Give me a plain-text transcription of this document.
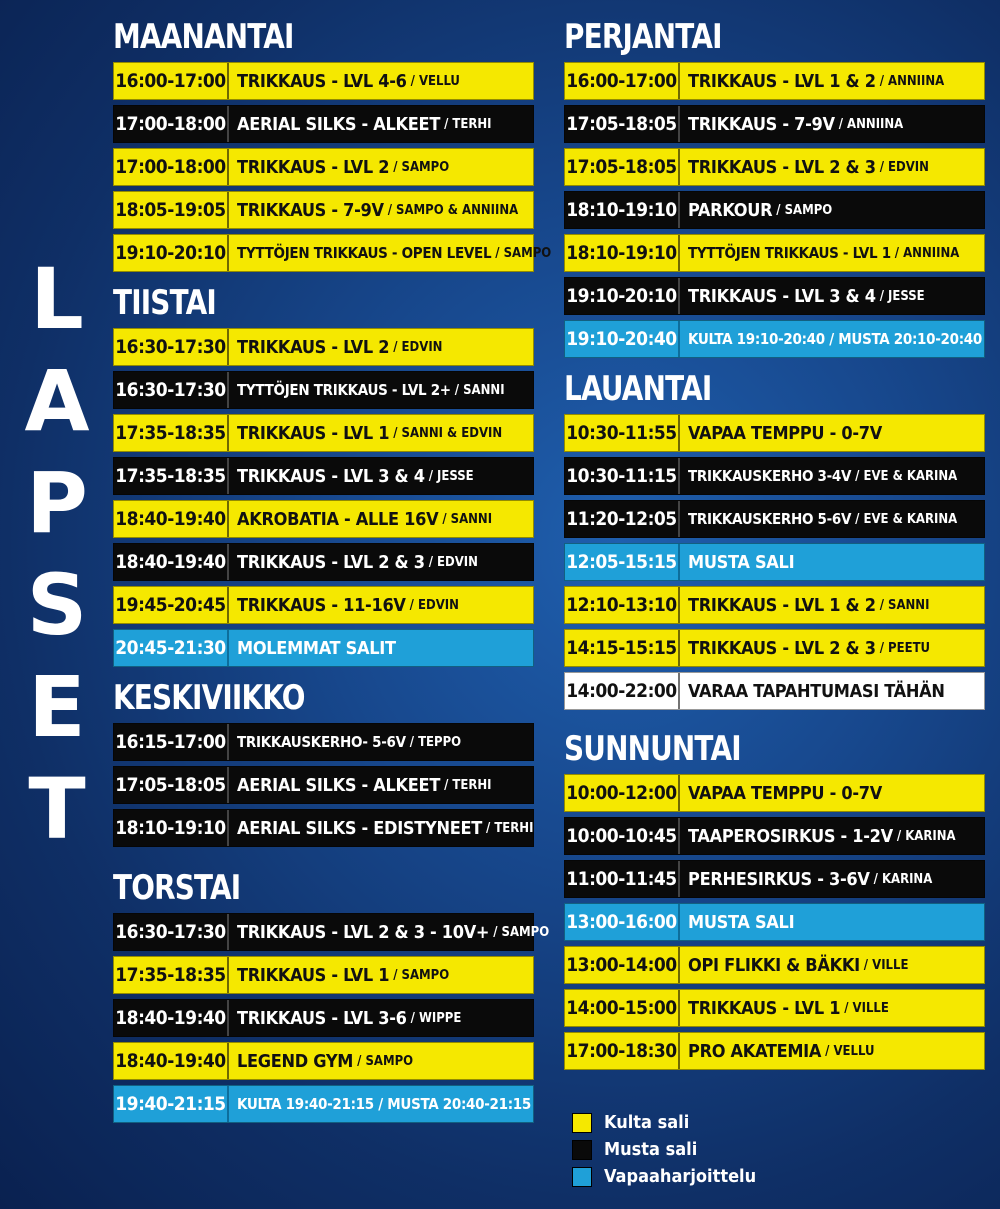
L
A
P
S
E
T
MAANANTAI
16:00-17:00 TRIKKAUS - LVL 4-6 / VELLU
17:00-18:00 AERIAL SILKS - ALKEET / TERHI
17:00-18:00 TRIKKAUS - LVL 2 / SAMPO
18:05-19:05 TRIKKAUS - 7-9V / SAMPO & ANNIINA
19:10-20:10 TYTTÖJEN TRIKKAUS - OPEN LEVEL / SAMPO
TIISTAI
16:30-17:30 TRIKKAUS - LVL 2 / EDVIN
16:30-17:30 TYTTÖJEN TRIKKAUS - LVL 2+ / SANNI
17:35-18:35 TRIKKAUS - LVL 1 / SANNI & EDVIN
17:35-18:35 TRIKKAUS - LVL 3 & 4 / JESSE
18:40-19:40 AKROBATIA - ALLE 16V / SANNI
18:40-19:40 TRIKKAUS - LVL 2 & 3 / EDVIN
19:45-20:45 TRIKKAUS - 11-16V / EDVIN
20:45-21:30 MOLEMMAT SALIT
KESKIVIIKKO
16:15-17:00 TRIKKAUSKERHO- 5-6V / TEPPO
17:05-18:05 AERIAL SILKS - ALKEET / TERHI
18:10-19:10 AERIAL SILKS - EDISTYNEET / TERHI
TORSTAI
16:30-17:30 TRIKKAUS - LVL 2 & 3 - 10V+ / SAMPO
17:35-18:35 TRIKKAUS - LVL 1 / SAMPO
18:40-19:40 TRIKKAUS - LVL 3-6 / WIPPE
18:40-19:40 LEGEND GYM / SAMPO
19:40-21:15 KULTA 19:40-21:15 / MUSTA 20:40-21:15
PERJANTAI
16:00-17:00 TRIKKAUS - LVL 1 & 2 / ANNIINA
17:05-18:05 TRIKKAUS - 7-9V / ANNIINA
17:05-18:05 TRIKKAUS - LVL 2 & 3 / EDVIN
18:10-19:10 PARKOUR / SAMPO
18:10-19:10 TYTTÖJEN TRIKKAUS - LVL 1 / ANNIINA
19:10-20:10 TRIKKAUS - LVL 3 & 4 / JESSE
19:10-20:40 KULTA 19:10-20:40 / MUSTA 20:10-20:40
LAUANTAI
10:30-11:55 VAPAA TEMPPU - 0-7V
10:30-11:15 TRIKKAUSKERHO 3-4V / EVE & KARINA
11:20-12:05 TRIKKAUSKERHO 5-6V / EVE & KARINA
12:05-15:15 MUSTA SALI
12:10-13:10 TRIKKAUS - LVL 1 & 2 / SANNI
14:15-15:15 TRIKKAUS - LVL 2 & 3 / PEETU
14:00-22:00 VARAA TAPAHTUMASI TÄHÄN
SUNNUNTAI
10:00-12:00 VAPAA TEMPPU - 0-7V
10:00-10:45 TAAPEROSIRKUS - 1-2V / KARINA
11:00-11:45 PERHESIRKUS - 3-6V / KARINA
13:00-16:00 MUSTA SALI
13:00-14:00 OPI FLIKKI & BÄKKI / VILLE
14:00-15:00 TRIKKAUS - LVL 1 / VILLE
17:00-18:30 PRO AKATEMIA / VELLU
Kulta sali
Musta sali
Vapaaharjoittelu
